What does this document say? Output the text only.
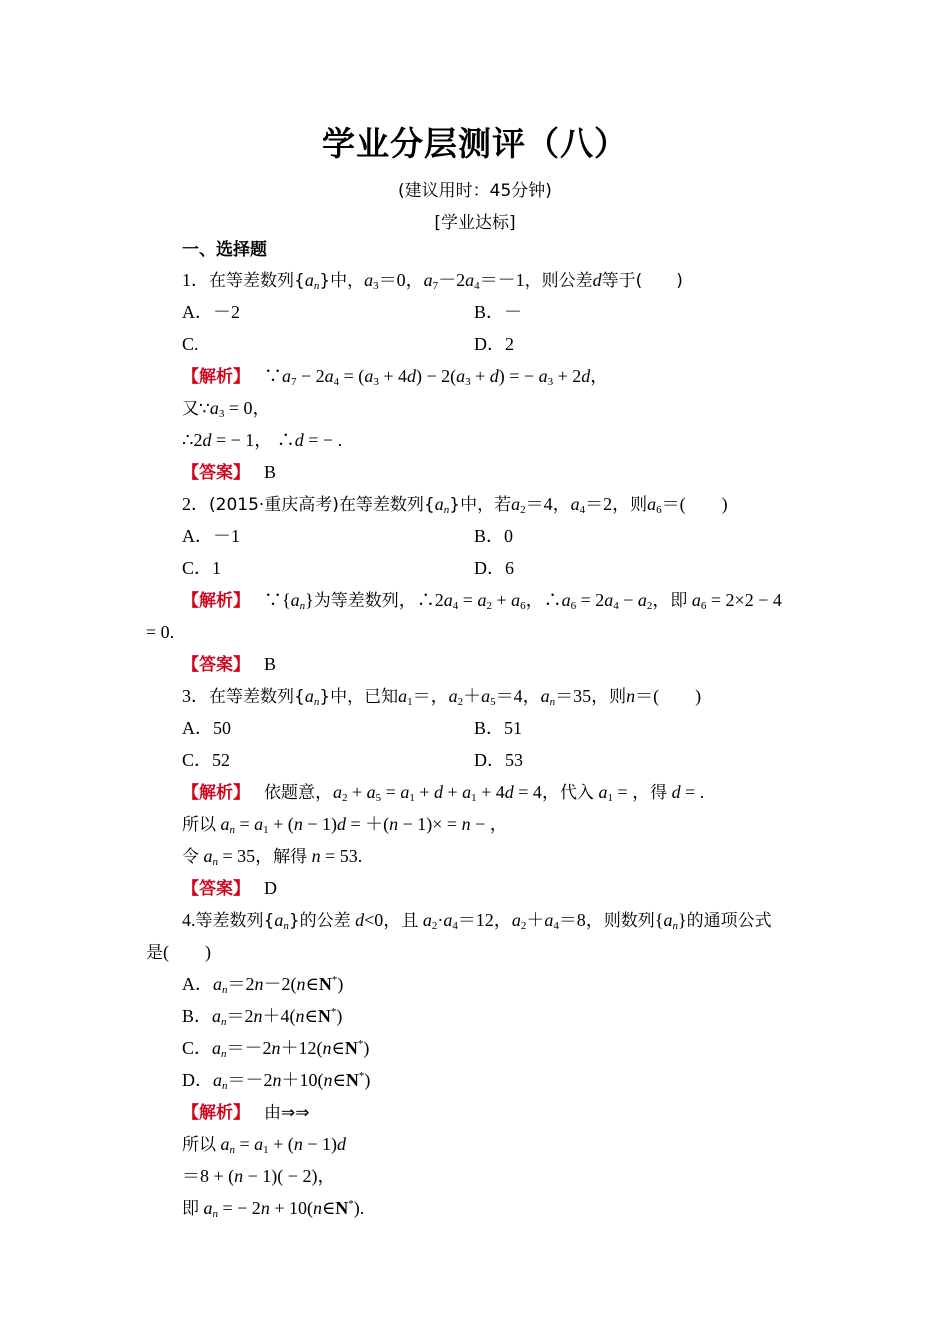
学业分层测评（八）
(建议用时：45分钟)
[学业达标]
一、选择题
1．在等差数列$\{a_n\}$中，$a_3=0$，$a_7-2a_4=-1$，则公差d等于(　　)
A．－2	B．－
C.	D．2
【解析】　 $\because a_7 - 2a_4 = (a_3 + 4d) - 2(a_3 + d)$ = − $a_3 + 2d$，
又$\because a_3 = 0$，
∴2d = − 1， ∴d = − .
【答案】　 B
2．(2015·重庆高考)在等差数列$\{a_n\}$中，若$a_2=4$，$a_4=2$，则$a_6=$(　　)
A．－1	B．0
C．1	D．6
【解析】　 $\because\{a_n\}$为等差数列，$\therefore 2a_4 = a_2 + a_6$，$\therefore a_6 = 2a_4 - a_2$，即 $a_6 = 2\times 2 - 4$
= 0.
【答案】　 B
3．在等差数列$\{a_n\}$中，已知$a_1=$，$a_2+a_5=4$，$a_n=35$，则n＝(　　)
A．50	B．51
C．52	D．53
【解析】　 依题意，$a_2 + a_5 = a_1 + d + a_1 + 4d = 4$，代入 $a_1$ = ，得 d = .
所以 $a_n = a_1 + (n - 1)d = +(n - 1)\times = n$ − ，
令 $a_n = 35$，解得 n = 53.
【答案】　 D
4.等差数列$\{a_n\}$的公差 d<0，且 $a_2\cdot a_4=12$，$a_2+a_4=8$，则数列$\{a_n\}$的通项公式
是(　　)
A．$a_n=2n-2(n\in N^*)$
B．$a_n=2n+4(n\in N^*)$
C．$a_n=-2n+12(n\in N^*)$
D．$a_n=-2n+10(n\in N^*)$
【解析】　 由⇒⇒
所以 $a_n = a_1 + (n - 1)d$
＝8 + (n − 1)( − 2)，
即 $a_n$ = − 2n + 10(n∈N*).
